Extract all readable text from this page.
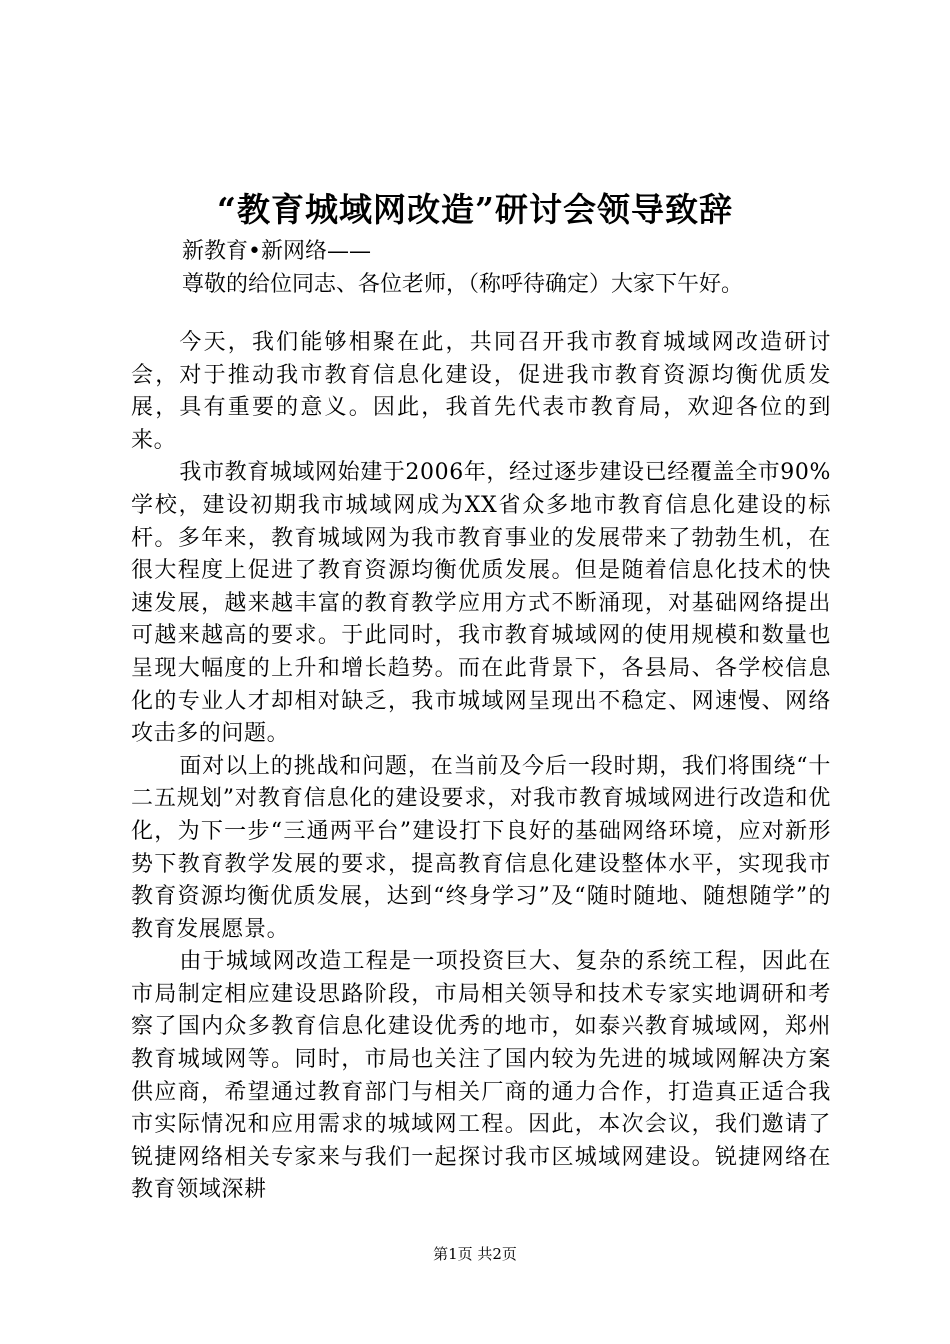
“教育城域网改造”研讨会领导致辞
新教育•新网络——
尊敬的给位同志、各位老师，（称呼待确定）大家下午好。

今天，我们能够相聚在此，共同召开我市教育城域网改造研讨会，对于推动我市教育信息化建设，促进我市教育资源均衡优质发展，具有重要的意义。因此，我首先代表市教育局，欢迎各位的到来。

我市教育城域网始建于2006年，经过逐步建设已经覆盖全市90%学校，建设初期我市城域网成为XX省众多地市教育信息化建设的标杆。多年来，教育城域网为我市教育事业的发展带来了勃勃生机，在很大程度上促进了教育资源均衡优质发展。但是随着信息化技术的快速发展，越来越丰富的教育教学应用方式不断涌现，对基础网络提出可越来越高的要求。于此同时，我市教育城域网的使用规模和数量也呈现大幅度的上升和增长趋势。而在此背景下，各县局、各学校信息化的专业人才却相对缺乏，我市城域网呈现出不稳定、网速慢、网络攻击多的问题。

面对以上的挑战和问题，在当前及今后一段时期，我们将围绕“十二五规划”对教育信息化的建设要求，对我市教育城域网进行改造和优化，为下一步“三通两平台”建设打下良好的基础网络环境，应对新形势下教育教学发展的要求，提高教育信息化建设整体水平，实现我市教育资源均衡优质发展，达到“终身学习”及“随时随地、随想随学”的教育发展愿景。

由于城域网改造工程是一项投资巨大、复杂的系统工程，因此在市局制定相应建设思路阶段，市局相关领导和技术专家实地调研和考察了国内众多教育信息化建设优秀的地市，如泰兴教育城域网，郑州教育城域网等。同时，市局也关注了国内较为先进的城域网解决方案供应商，希望通过教育部门与相关厂商的通力合作，打造真正适合我市实际情况和应用需求的城域网工程。因此，本次会议，我们邀请了锐捷网络相关专家来与我们一起探讨我市区城域网建设。锐捷网络在教育领域深耕

第1页 共2页
